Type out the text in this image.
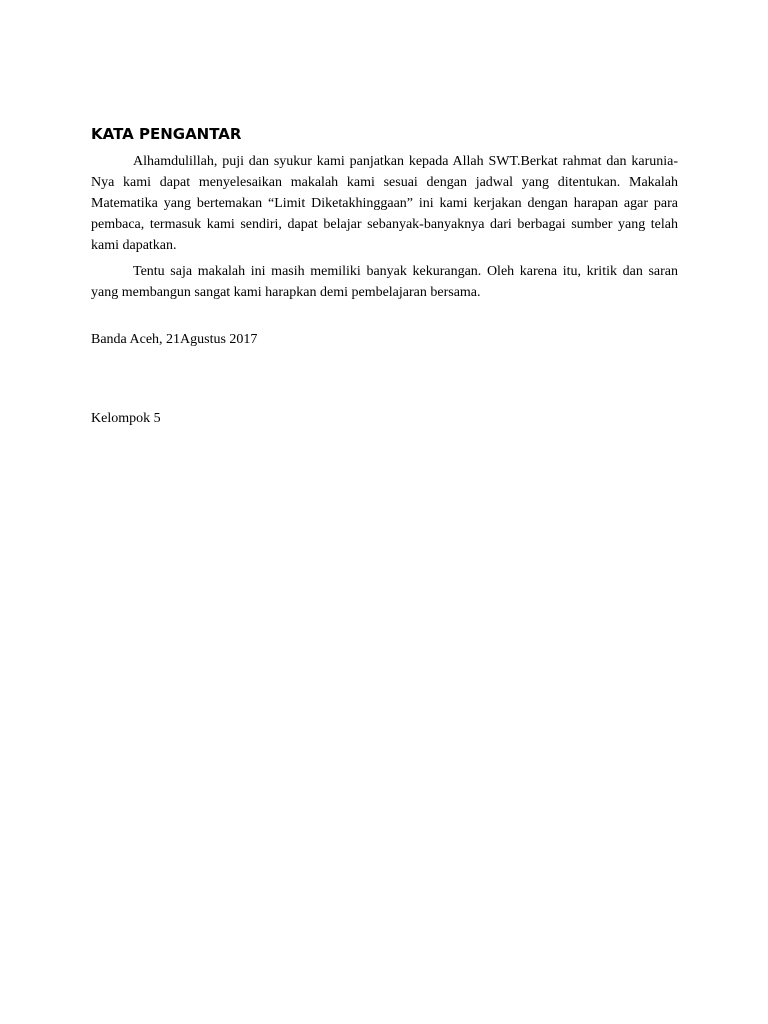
KATA PENGANTAR

Alhamdulillah, puji dan syukur kami panjatkan kepada Allah SWT.Berkat rahmat dan karunia-Nya kami dapat menyelesaikan makalah kami sesuai dengan jadwal yang ditentukan. Makalah Matematika yang bertemakan “Limit Diketakhinggaan” ini kami kerjakan dengan harapan agar para pembaca, termasuk kami sendiri, dapat belajar sebanyak-banyaknya dari berbagai sumber yang telah kami dapatkan.

Tentu saja makalah ini masih memiliki banyak kekurangan. Oleh karena itu, kritik dan saran yang membangun sangat kami harapkan demi pembelajaran bersama.

Banda Aceh, 21Agustus 2017

Kelompok 5
